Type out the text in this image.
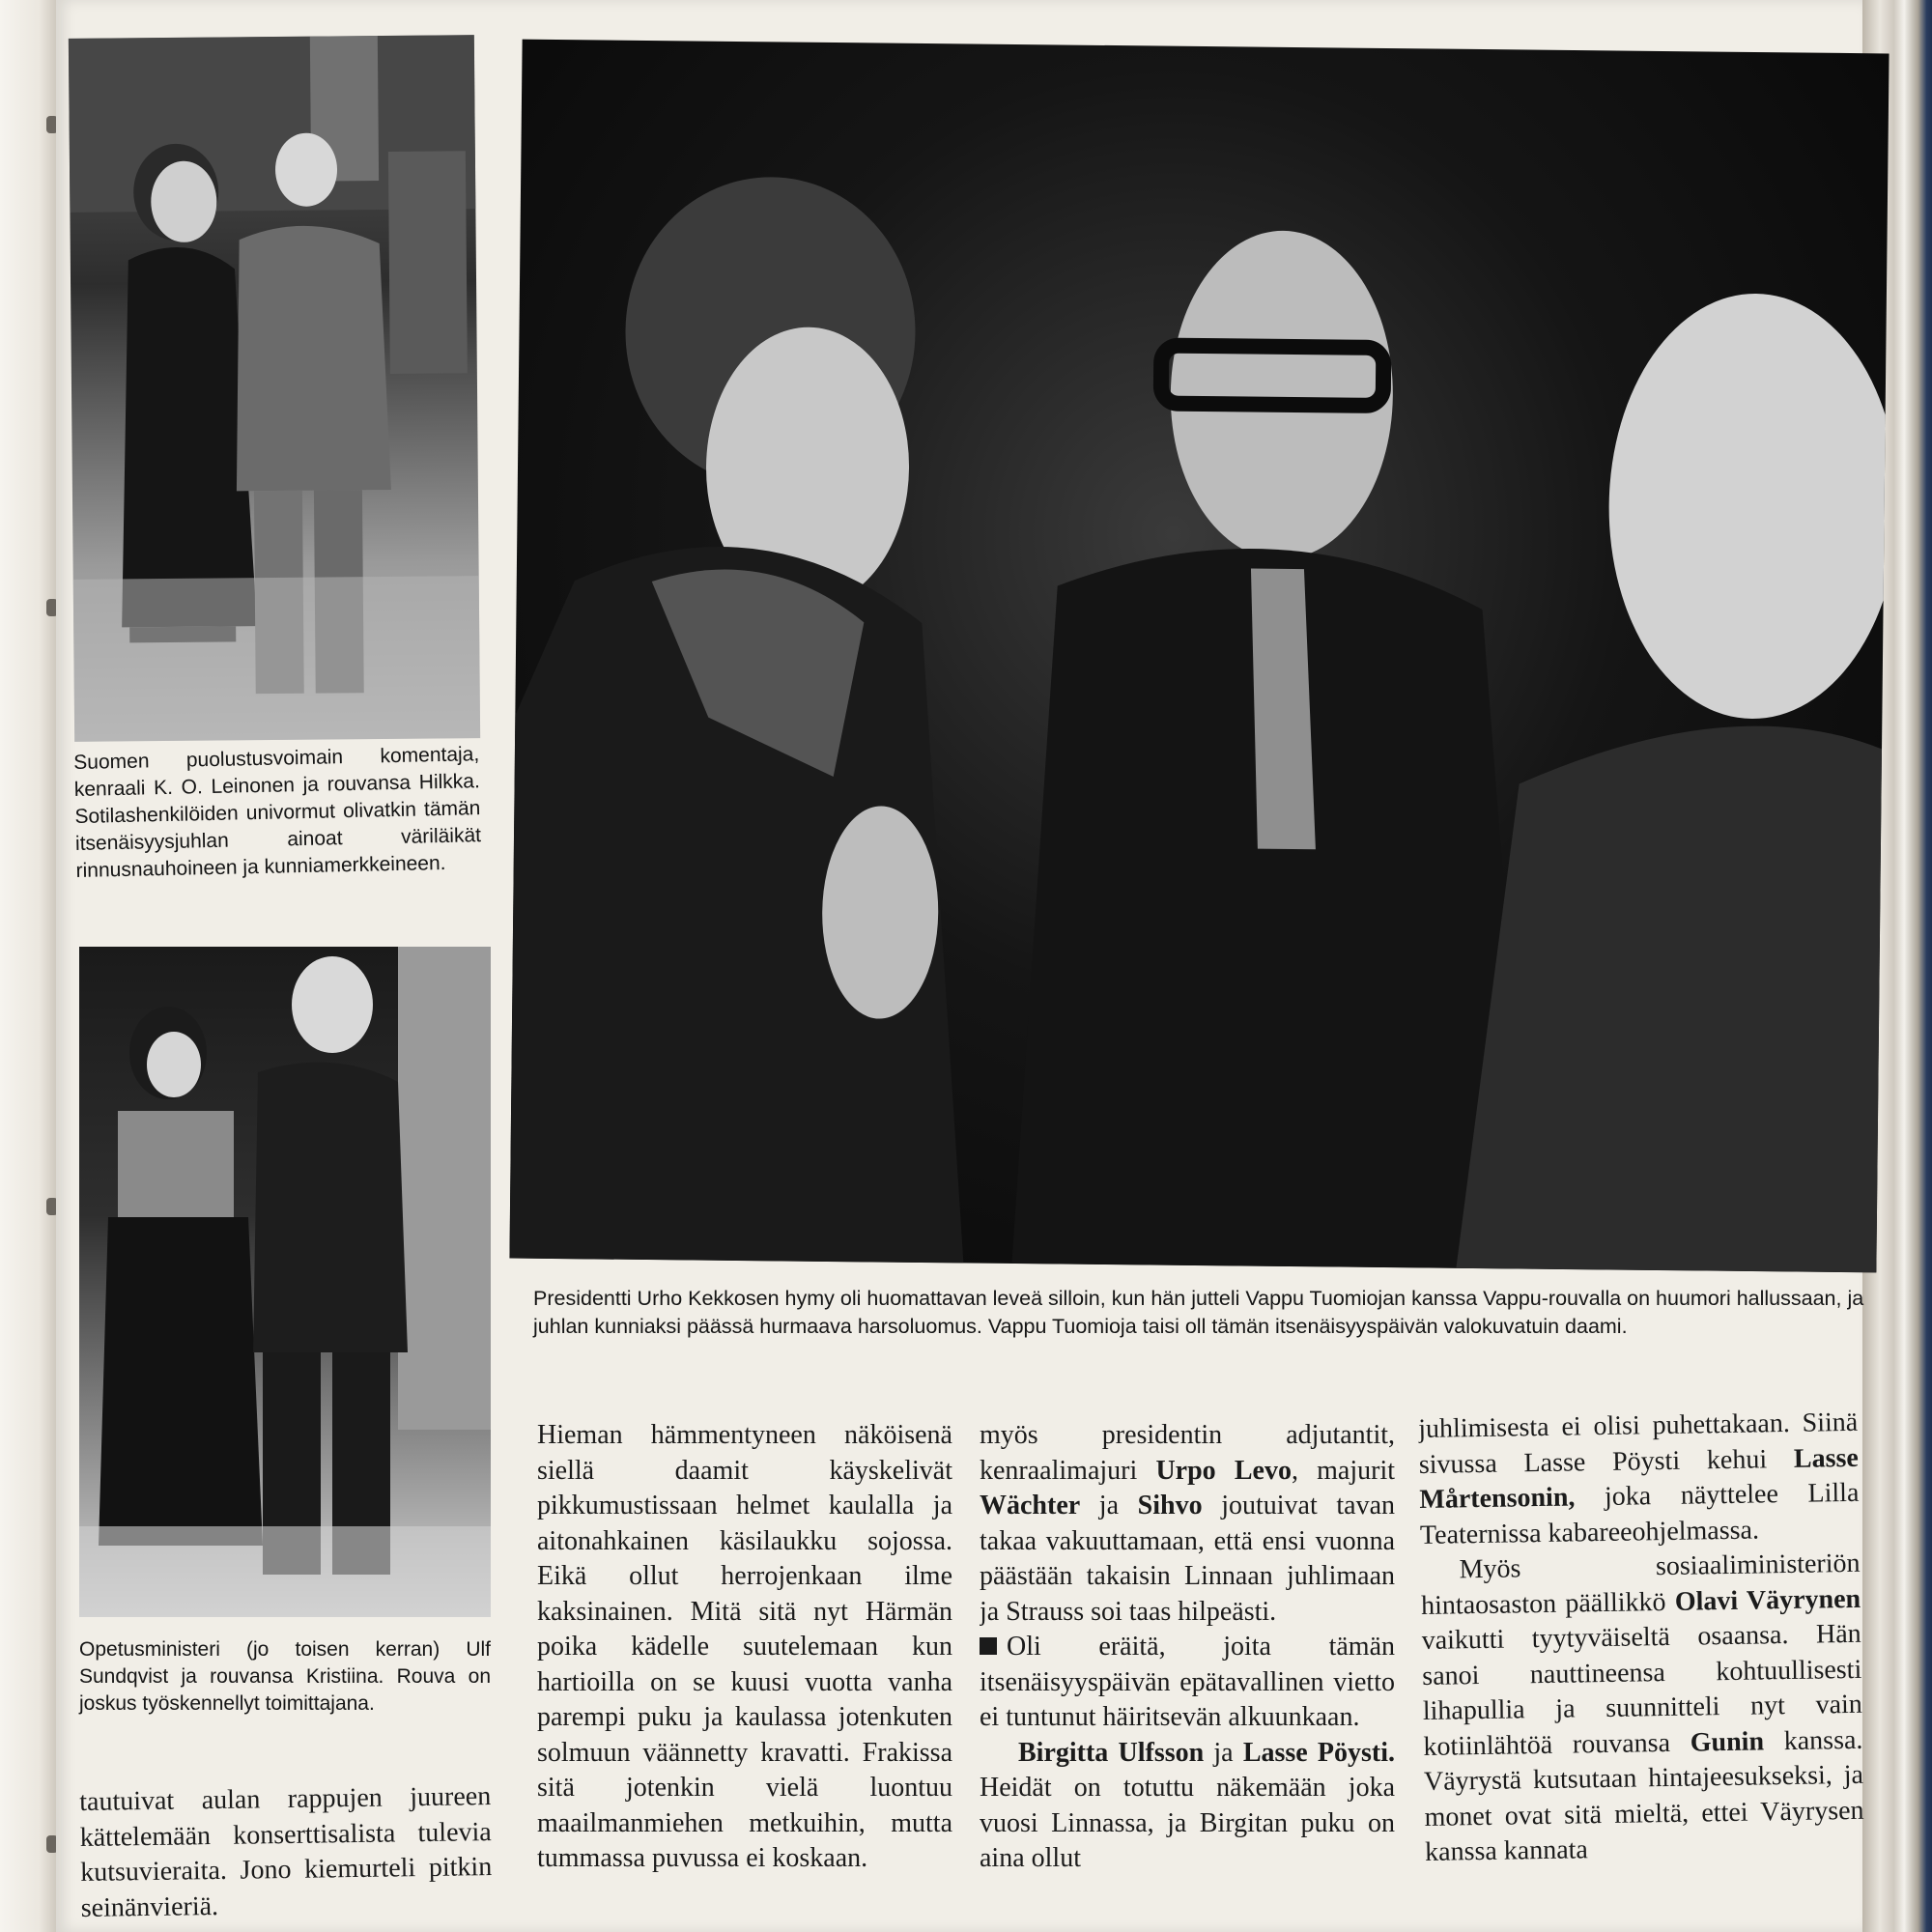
Suomen puolustusvoimain komentaja, kenraali K. O. Leinonen ja rouvansa Hilkka. Sotilashenkilöiden univormut olivatkin tämän itsenäisyysjuhlan ainoat väriläikät rinnusnauhoineen ja kunniamerkkeineen.
Opetusministeri (jo toisen kerran) Ulf Sundqvist ja rouvansa Kristiina. Rouva on joskus työskennellyt toimittajana.
Presidentti Urho Kekkosen hymy oli huomattavan leveä silloin, kun hän jutteli Vappu Tuomiojan kanssa Vappu-rouvalla on huumori hallussaan, ja juhlan kunniaksi päässä hurmaava harsoluomus. Vappu Tuomioja taisi oll tämän itsenäisyyspäivän valokuvatuin daami.

tautuivat aulan rappujen juureen kättelemään konserttisalista tulevia kutsuvieraita. Jono kiemurteli pitkin seinänvieriä.

Hieman hämmentyneen näköisenä siellä daamit käyskelivät pikkumustissaan helmet kaulalla ja aitonahkainen käsilaukku sojossa. Eikä ollut herrojenkaan ilme kaksinainen. Mitä sitä nyt Härmän poika kädelle suutelemaan kun hartioilla on se kuusi vuotta vanha parempi puku ja kaulassa jotenkuten solmuun väännetty kravatti. Frakissa sitä jotenkin vielä luontuu maailmanmiehen metkuihin, mutta tummassa puvussa ei koskaan.

myös presidentin adjutantit, kenraalimajuri Urpo Levo, majurit Wächter ja Sihvo joutuivat tavan takaa vakuuttamaan, että ensi vuonna päästään takaisin Linnaan juhlimaan ja Strauss soi taas hilpeästi.

Oli eräitä, joita tämän itsenäisyyspäivän epätavallinen vietto ei tuntunut häiritsevän alkuunkaan.

Birgitta Ulfsson ja Lasse Pöysti. Heidät on totuttu näkemään joka vuosi Linnassa, ja Birgitan puku on aina ollut

juhlimisesta ei olisi puhettakaan. Siinä sivussa Lasse Pöysti kehui Lasse Mårtensonin, joka näyttelee Lilla Teaternissa kabareeohjelmassa.

Myös sosiaaliministeriön hintaosaston päällikkö Olavi Väyrynen vaikutti tyytyväiseltä osaansa. Hän sanoi nauttineensa kohtuullisesti lihapullia ja suunnitteli nyt vain kotiinlähtöä rouvansa Gunin kanssa. Väyrystä kutsutaan hintajeesukseksi, ja monet ovat sitä mieltä, ettei Väyrysen kanssa kannata
